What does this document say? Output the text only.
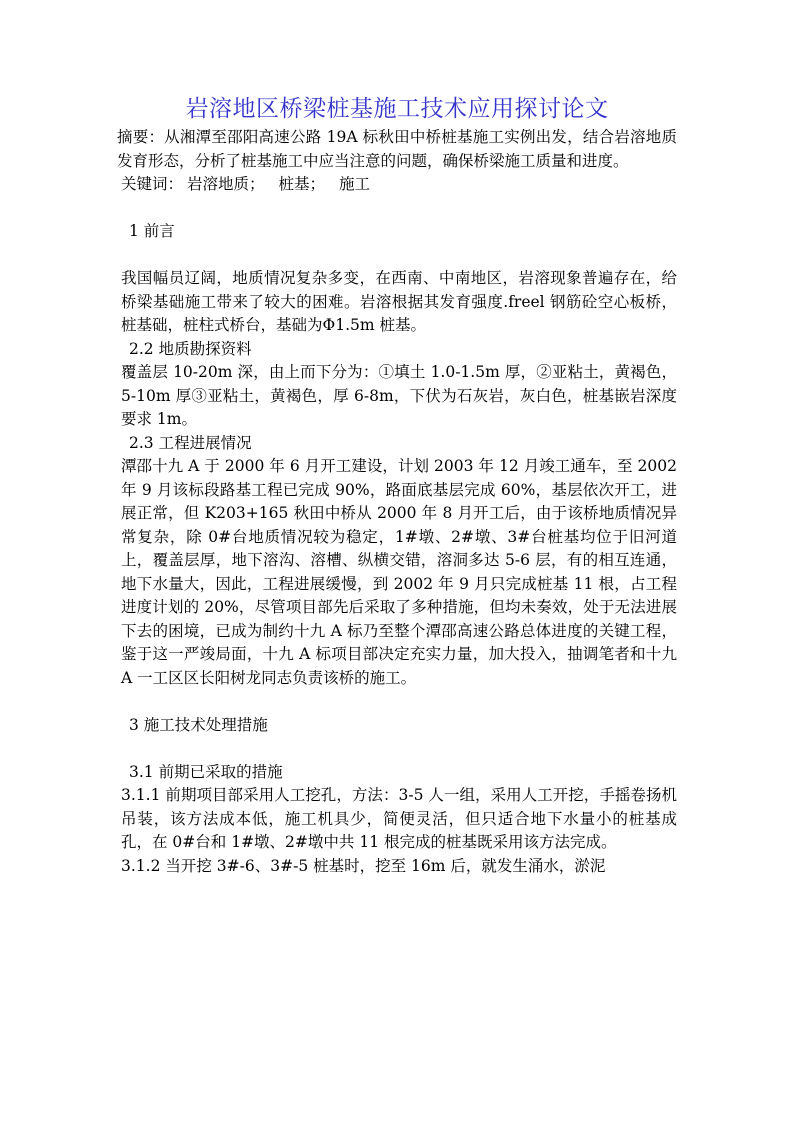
岩溶地区桥梁桩基施工技术应用探讨论文

摘要：从湘潭至邵阳高速公路 19A 标秋田中桥桩基施工实例出发，结合岩溶地质发育形态，分析了桩基施工中应当注意的问题，确保桥梁施工质量和进度。

关键词： 岩溶地质； 桩基； 施工

1 前言

我国幅员辽阔，地质情况复杂多变，在西南、中南地区，岩溶现象普遍存在，给桥梁基础施工带来了较大的困难。岩溶根据其发育强度.freel 钢筋砼空心板桥，桩基础，桩柱式桥台，基础为Φ1.5m 桩基。

2.2 地质勘探资料

覆盖层 10-20m 深，由上而下分为：①填土 1.0-1.5m 厚，②亚粘土，黄褐色，5-10m 厚③亚粘土，黄褐色，厚 6-8m，下伏为石灰岩，灰白色，桩基嵌岩深度要求 1m。

2.3 工程进展情况

潭邵十九 A 于 2000 年 6 月开工建设，计划 2003 年 12 月竣工通车，至 2002 年 9 月该标段路基工程已完成 90%，路面底基层完成 60%，基层依次开工，进展正常，但 K203+165 秋田中桥从 2000 年 8 月开工后，由于该桥地质情况异常复杂，除 0#台地质情况较为稳定，1#墩、2#墩、3#台桩基均位于旧河道上，覆盖层厚，地下溶沟、溶槽、纵横交错，溶洞多达 5-6 层，有的相互连通，地下水量大，因此，工程进展缓慢，到 2002 年 9 月只完成桩基 11 根，占工程进度计划的 20%，尽管项目部先后采取了多种措施，但均未奏效，处于无法进展下去的困境，已成为制约十九 A 标乃至整个潭邵高速公路总体进度的关键工程，鉴于这一严竣局面，十九 A 标项目部决定充实力量，加大投入，抽调笔者和十九 A 一工区区长阳树龙同志负责该桥的施工。

3 施工技术处理措施

3.1 前期已采取的措施

3.1.1 前期项目部采用人工挖孔，方法：3-5 人一组，采用人工开挖，手摇卷扬机吊装，该方法成本低，施工机具少，简便灵活，但只适合地下水量小的桩基成孔，在 0#台和 1#墩、2#墩中共 11 根完成的桩基既采用该方法完成。

3.1.2 当开挖 3#-6、3#-5 桩基时，挖至 16m 后，就发生涌水，淤泥
